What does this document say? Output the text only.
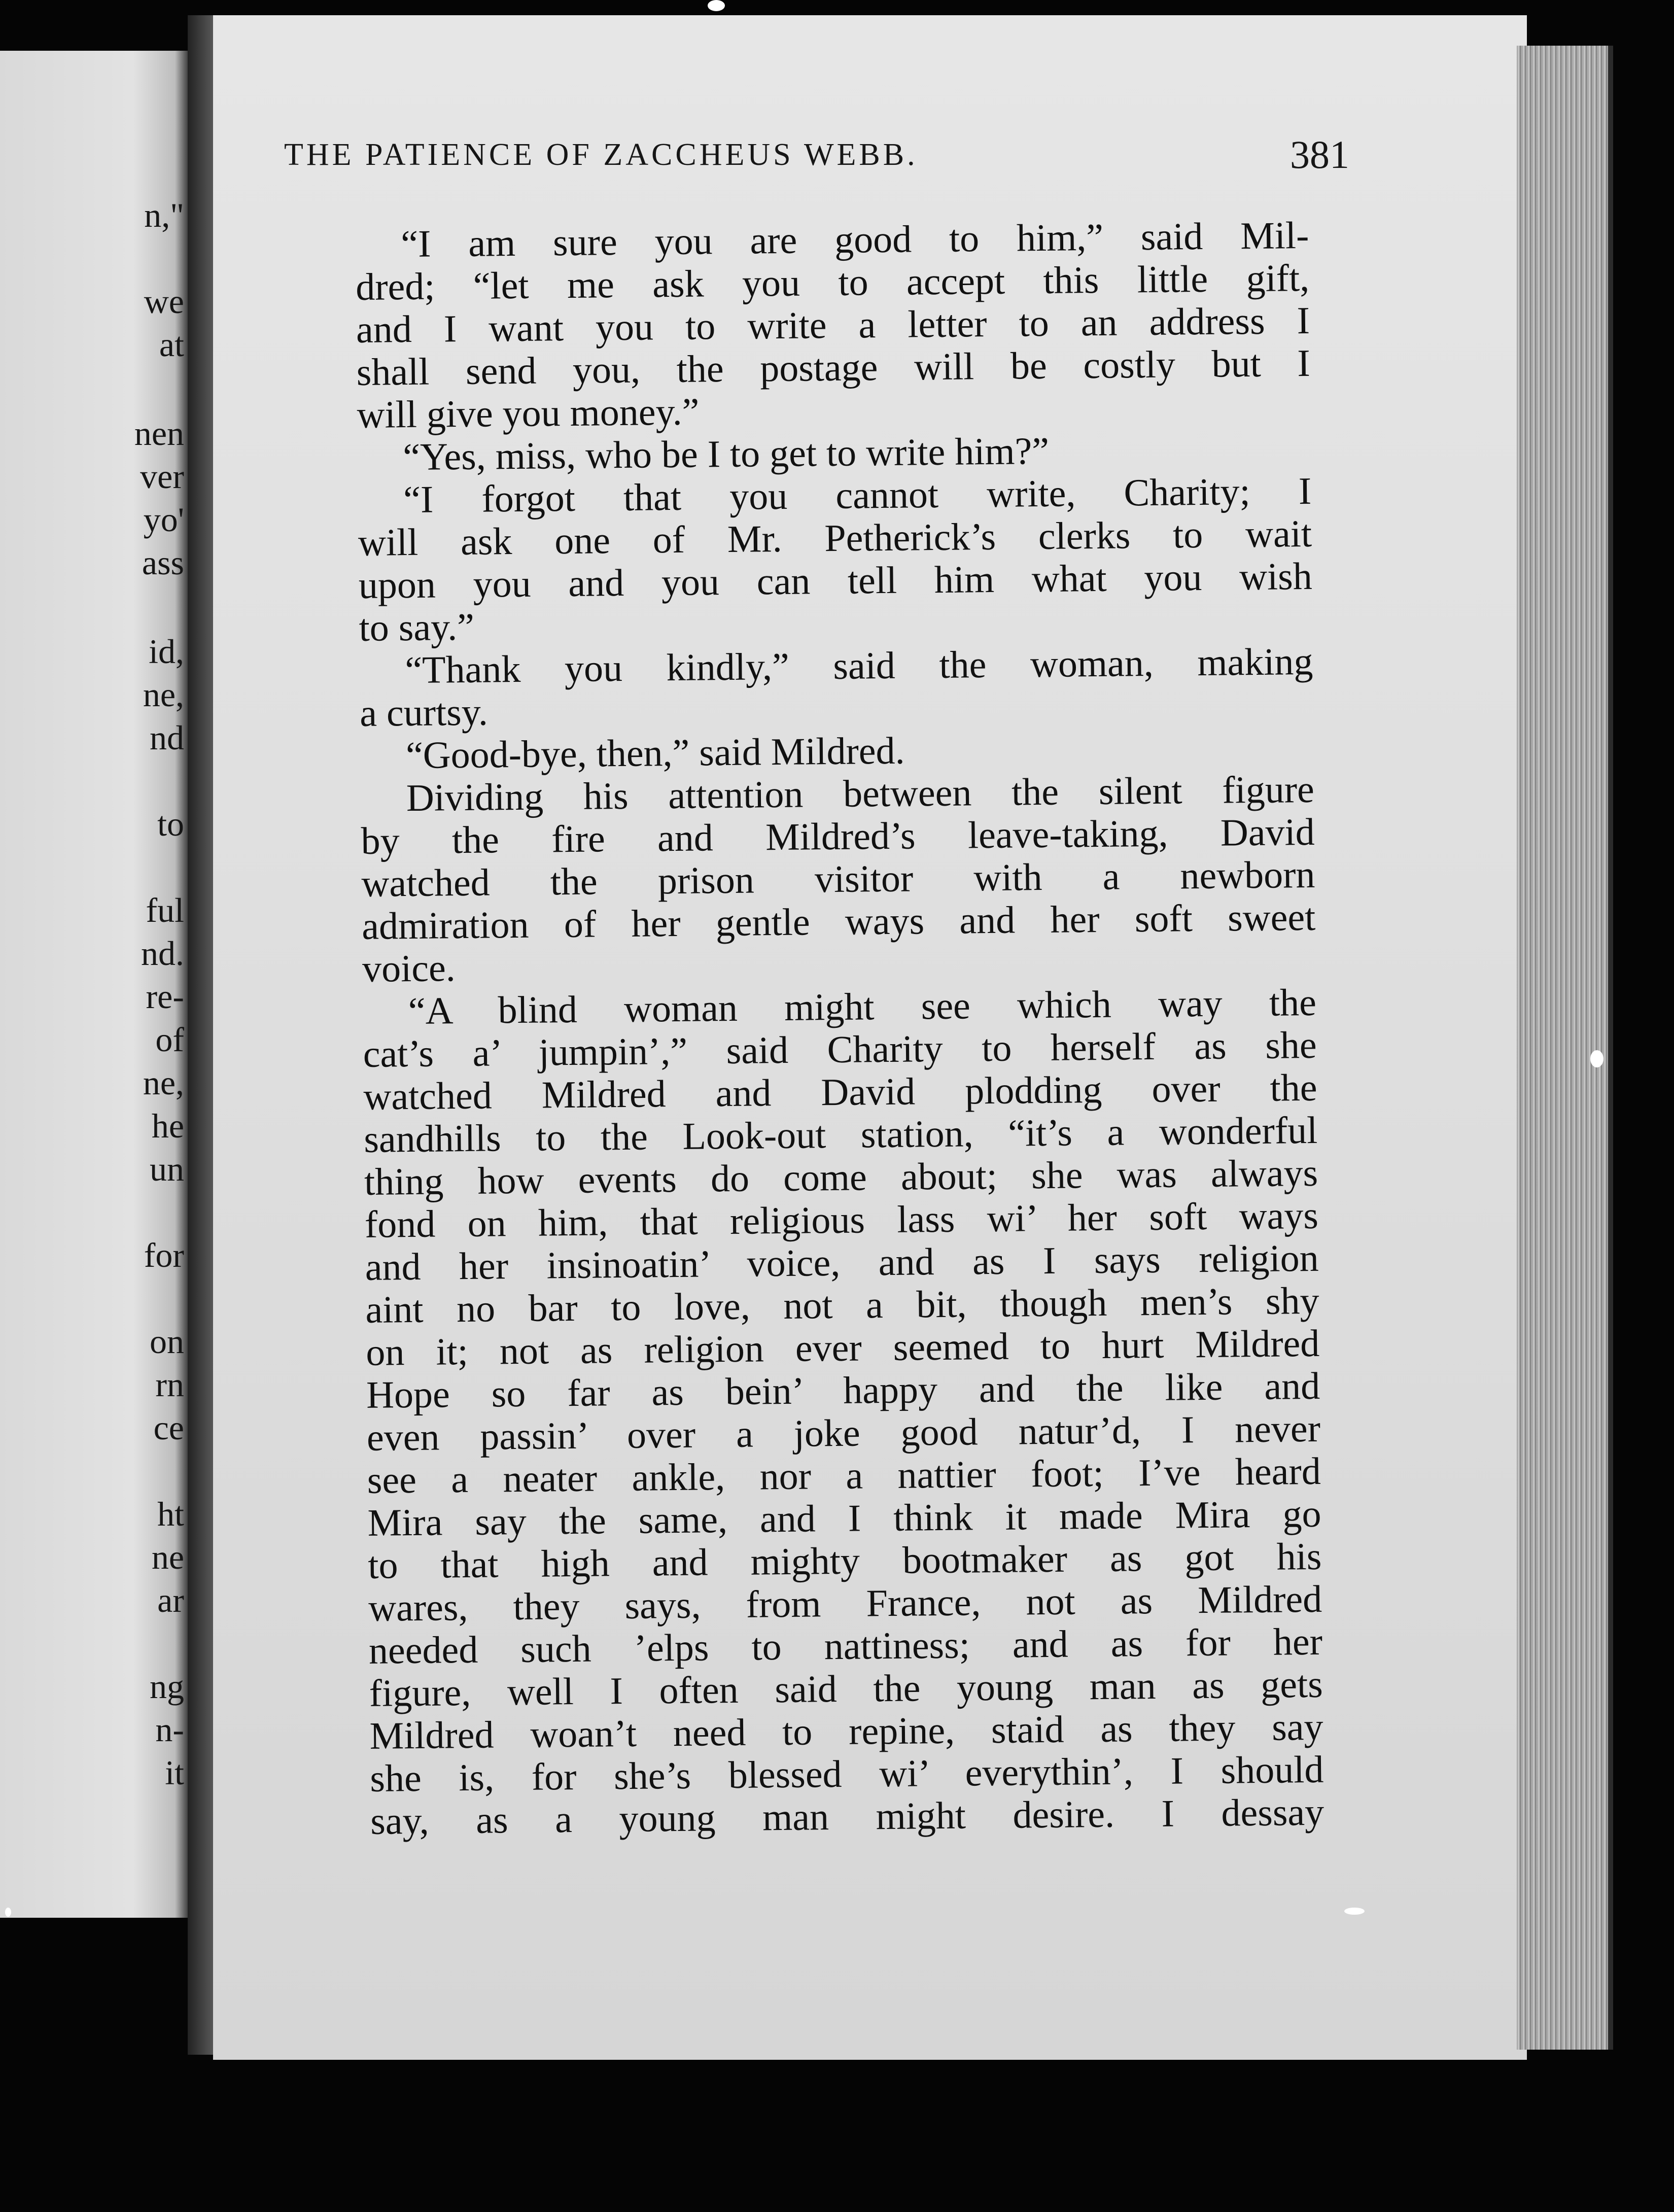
n,"
we
at
nen
ver
yo'
ass
id,
ne,
nd
to
ful
nd.
re-
of
ne,
he
un
for
on
rn
ce
ht
ne
ar
ng
n-
it
THE PATIENCE OF ZACCHEUS WEBB.	381
“I am sure you are good to him,” said Mil-
dred; “let me ask you to accept this little gift,
and I want you to write a letter to an address I
shall send you, the postage will be costly but I
will give you money.”
“Yes, miss, who be I to get to write him?”
“I forgot that you cannot write, Charity; I
will ask one of Mr. Petherick’s clerks to wait
upon you and you can tell him what you wish
to say.”
“Thank you kindly,” said the woman, making
a curtsy.
“Good-bye, then,” said Mildred.
Dividing his attention between the silent figure
by the fire and Mildred’s leave-taking, David
watched the prison visitor with a newborn
admiration of her gentle ways and her soft sweet
voice.
“A blind woman might see which way the
cat’s a’ jumpin’,” said Charity to herself as she
watched Mildred and David plodding over the
sandhills to the Look-out station, “it’s a wonderful
thing how events do come about; she was always
fond on him, that religious lass wi’ her soft ways
and her insinoatin’ voice, and as I says religion
aint no bar to love, not a bit, though men’s shy
on it; not as religion ever seemed to hurt Mildred
Hope so far as bein’ happy and the like and
even passin’ over a joke good natur’d, I never
see a neater ankle, nor a nattier foot; I’ve heard
Mira say the same, and I think it made Mira go
to that high and mighty bootmaker as got his
wares, they says, from France, not as Mildred
needed such ’elps to nattiness; and as for her
figure, well I often said the young man as gets
Mildred woan’t need to repine, staid as they say
she is, for she’s blessed wi’ everythin’, I should
say, as a young man might desire. I dessay
